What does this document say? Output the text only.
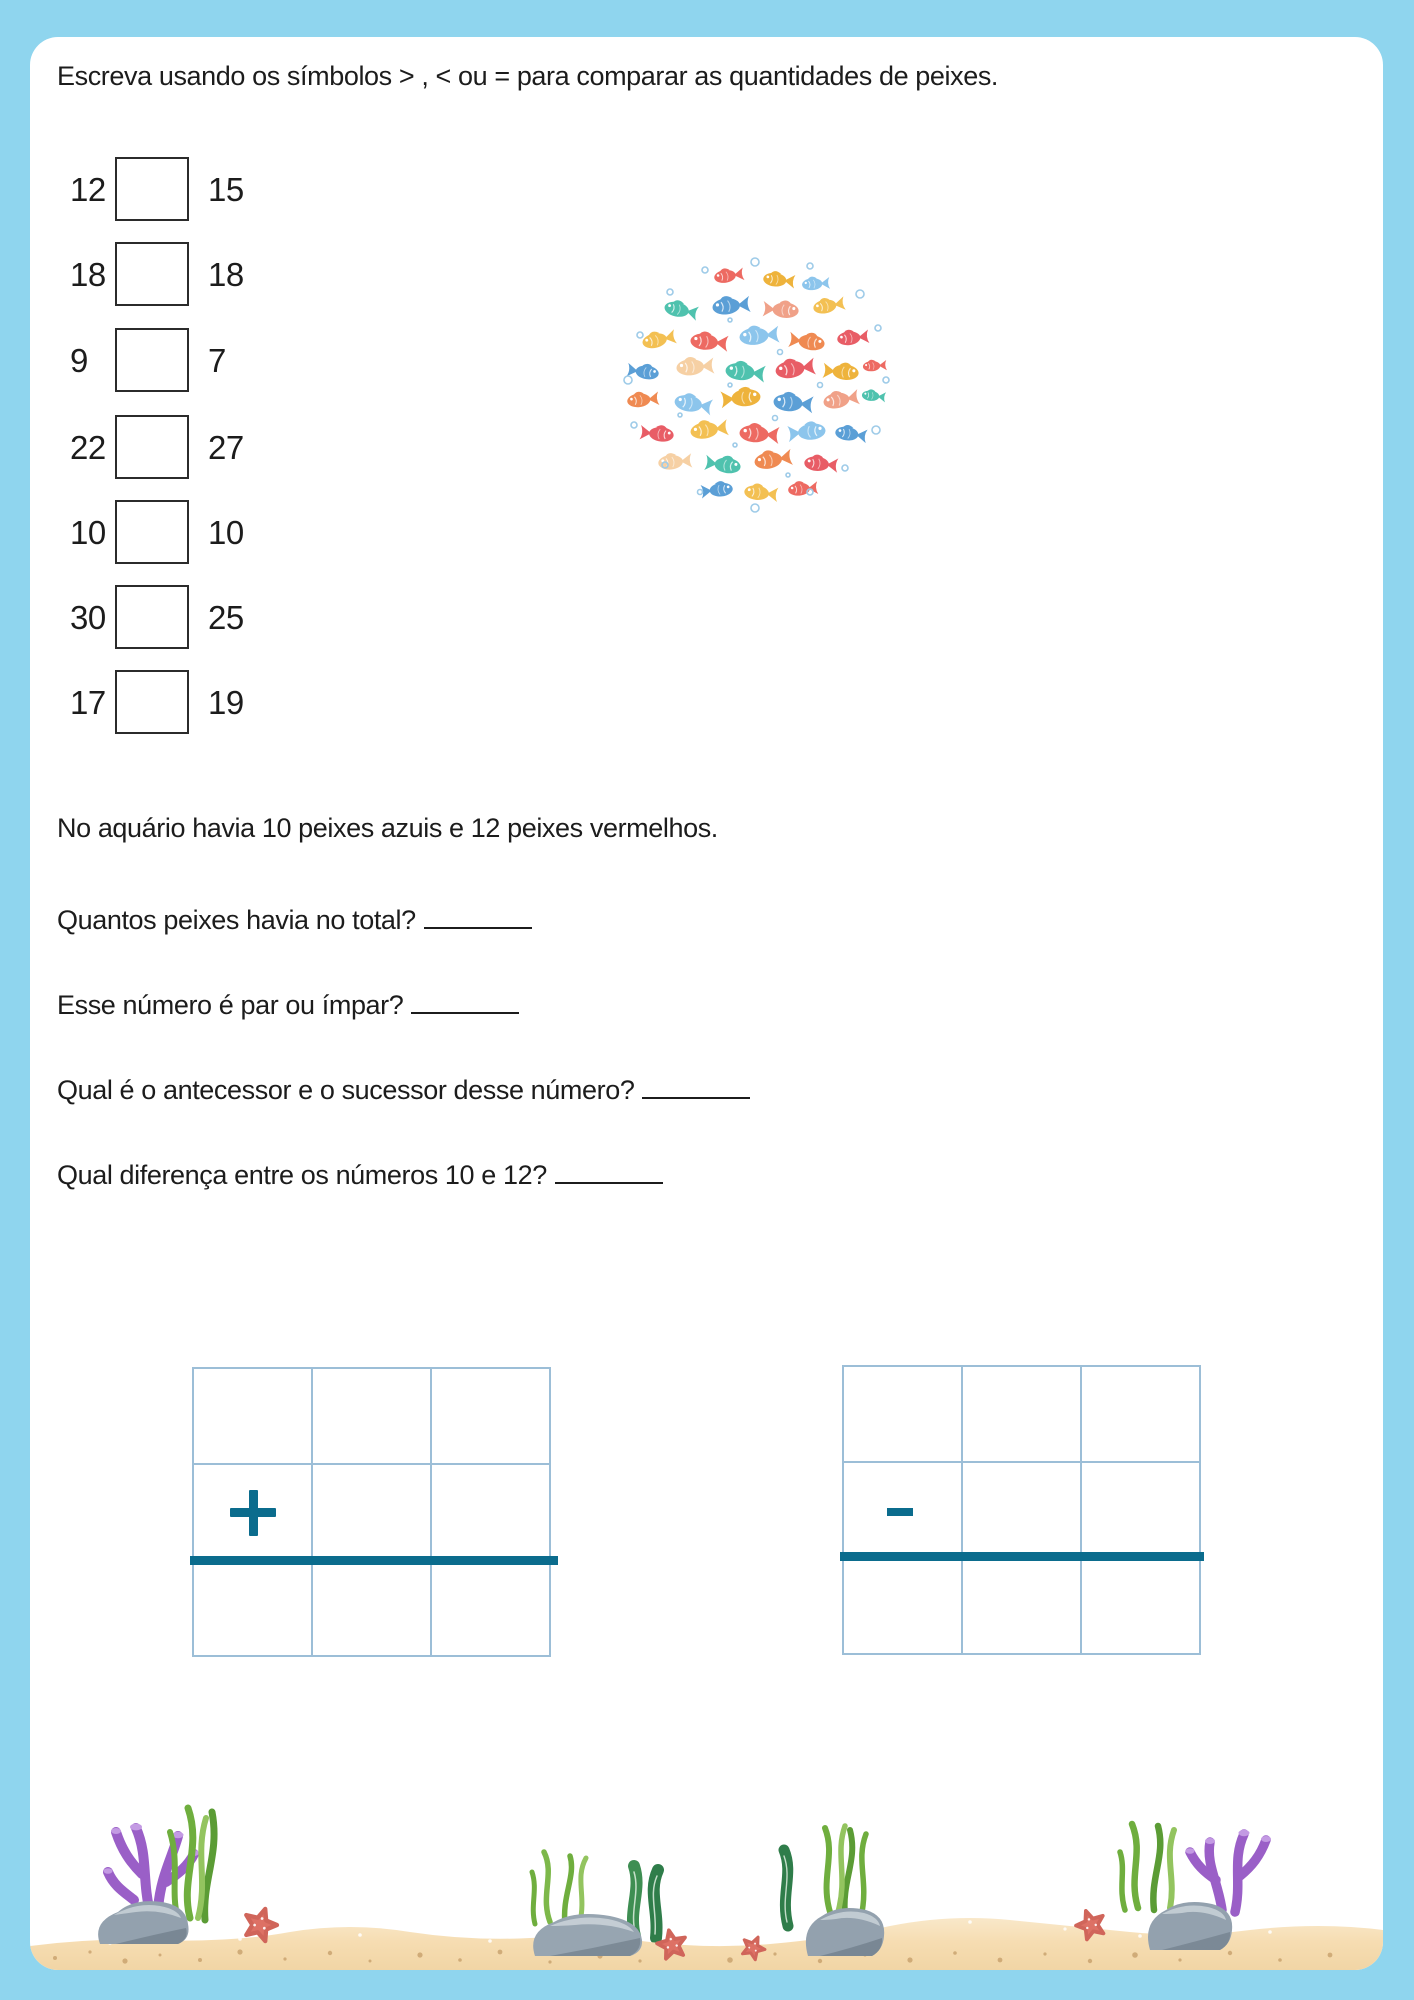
Escreva usando os símbolos > , < ou = para comparar as quantidades de peixes.
12	15
18	18
9	7
22	27
10	10
30	25
17	19
No aquário havia 10 peixes azuis e 12 peixes vermelhos.
Quantos peixes havia no total?
Esse número é par ou ímpar?
Qual é o antecessor e o sucessor desse número?
Qual diferença entre os números 10 e 12?
